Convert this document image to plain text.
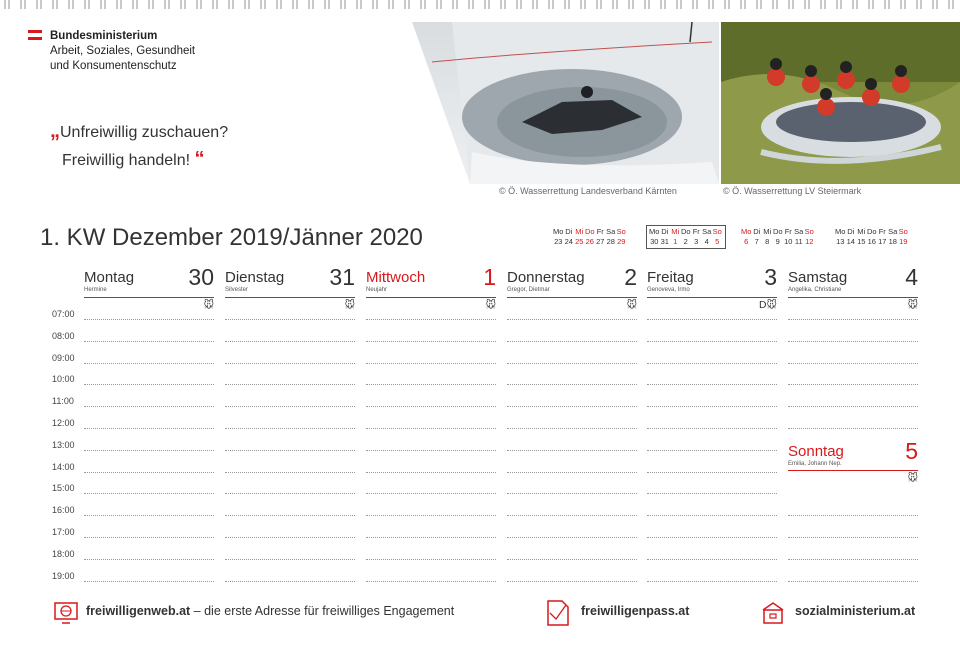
Bundesministerium
Arbeit, Soziales, Gesundheit
und Konsumentenschutz
„Unfreiwillig zuschauen?
Freiwillig handeln! “
© Ö. Wasserrettung Landesverband Kärnten	© Ö. Wasserrettung LV Steiermark
1. KW Dezember 2019/Jänner 2020	Mo Di Mi Do Fr Sa So
23 24 25 26 27 28 29
Mo Di Mi Do Fr Sa So
30 31 1 2 3 4 5
Mo Di Mi Do Fr Sa So
6 7 8 9 10 11 12
Mo Di Mi Do Fr Sa So
13 14 15 16 17 18 19
Montag	30
Hermine
🐭
Dienstag	31
Silvester
🐭
Mittwoch	1
Neujahr
🐭
Donnerstag	2
Gregor, Dietmar
🐭
Freitag	3
Genoveva, Irmo
D🐭
Samstag	4
Angelika, Christiane
🐭
Sonntag	5
Emilia, Johann Nep.
🐭
07:00
08:00
09:00
10:00
11:00
12:00
13:00
14:00
15:00
16:00
17:00
18:00
19:00
freiwilligenweb.at – die erste Adresse für freiwilliges Engagement	freiwilligenpass.at	sozialministerium.at
